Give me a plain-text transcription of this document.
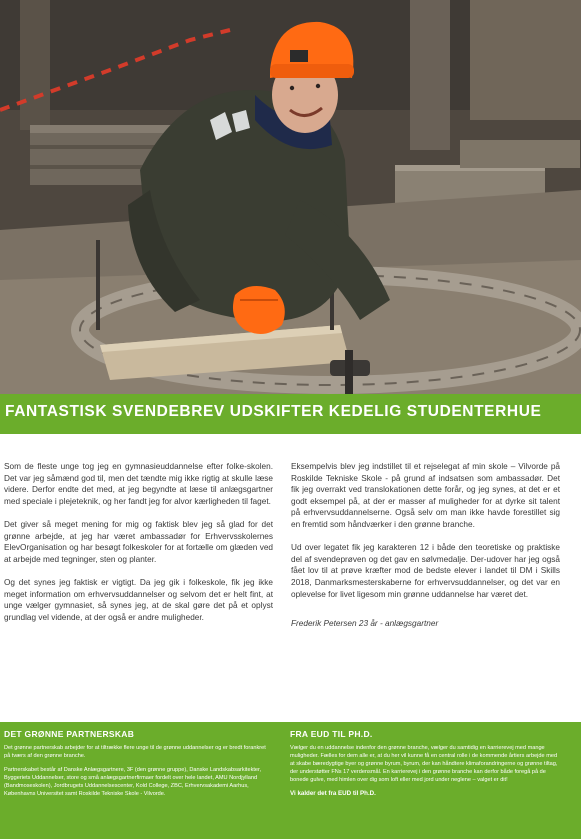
FANTASTISK SVENDEBREV UDSKIFTER KEDELIG STUDENTERHUE

Som de fleste unge tog jeg en gymnasieuddannelse efter folke-skolen. Det var jeg såmænd god til, men det tændte mig ikke rigtig at skulle læse videre. Derfor endte det med, at jeg begyndte at læse til anlægsgartner med speciale i plejeteknik, og her fandt jeg for alvor kærligheden til faget.

Det giver så meget mening for mig og faktisk blev jeg så glad for det grønne arbejde, at jeg har været ambassadør for Erhvervsskolernes ElevOrganisation og har besøgt folkeskoler for at fortælle om glæden ved at arbejde med tegninger, sten og planter.

Og det synes jeg faktisk er vigtigt. Da jeg gik i folkeskole, fik jeg ikke meget information om erhvervsuddannelser og selvom det er helt fint, at unge vælger gymnasiet, så synes jeg, at de skal gøre det på et oplyst grundlag vel vidende, at der også er andre muligheder.

Eksempelvis blev jeg indstillet til et rejselegat af min skole – Vilvorde på Roskilde Tekniske Skole - på grund af indsatsen som ambassadør. Det fik jeg overrakt ved translokationen dette forår, og jeg synes, at det er et godt eksempel på, at der er masser af muligheder for at dyrke sit talent på erhvervsuddannelserne. Også selv om man ikke havde forestillet sig en fremtid som håndværker i den grønne branche.

Ud over legatet fik jeg karakteren 12 i både den teoretiske og praktiske del af svendeprøven og det gav en sølvmedalje. Der-udover har jeg også fået lov til at prøve kræfter mod de bedste elever i landet til DM i Skills 2018, Danmarksmesterskaberne for erhvervsuddannelser, og det var en oplevelse for livet ligesom min grønne uddannelse har været det.

Frederik Petersen 23 år - anlægsgartner

DET GRØNNE PARTNERSKAB

Det grønne partnerskab arbejder for at tiltrække flere unge til de grønne uddannelser og er bredt forankret på tværs af den grønne branche.

Partnerskabet består af Danske Anlægsgartnere, 3F (den grønne gruppe), Danske Landskabsarkitekter, Byggeriets Uddannelser, store og små anlægsgartnerfirmaer fordelt over hele landet, AMU Nordjylland (Bandmoseskolen), Jordbrugets Uddannelsescenter, Kold College, ZBC, Erhvervsakademi Aarhus, Københavns Universitet samt Roskilde Tekniske Skole - Vilvorde.

FRA EUD TIL PH.D.

Vælger du en uddannelse indenfor den grønne branche, vælger du samtidig en karrierevej med mange muligheder. Fælles for dem alle er, at du her vil kunne få en central rolle i de kommende årtiers arbejde med at skabe bæredygtige byer og grønne byrum, byrum, der kan håndtere klimaforandringerne og grønne tiltag, der understøtter FNs 17 verdensmål. En karrierevej i den grønne branche kan derfor både foregå på de bonede gulve, med himlen over dig som loft eller med jord under neglene – valget er dit!

Vi kalder det fra EUD til Ph.D.
